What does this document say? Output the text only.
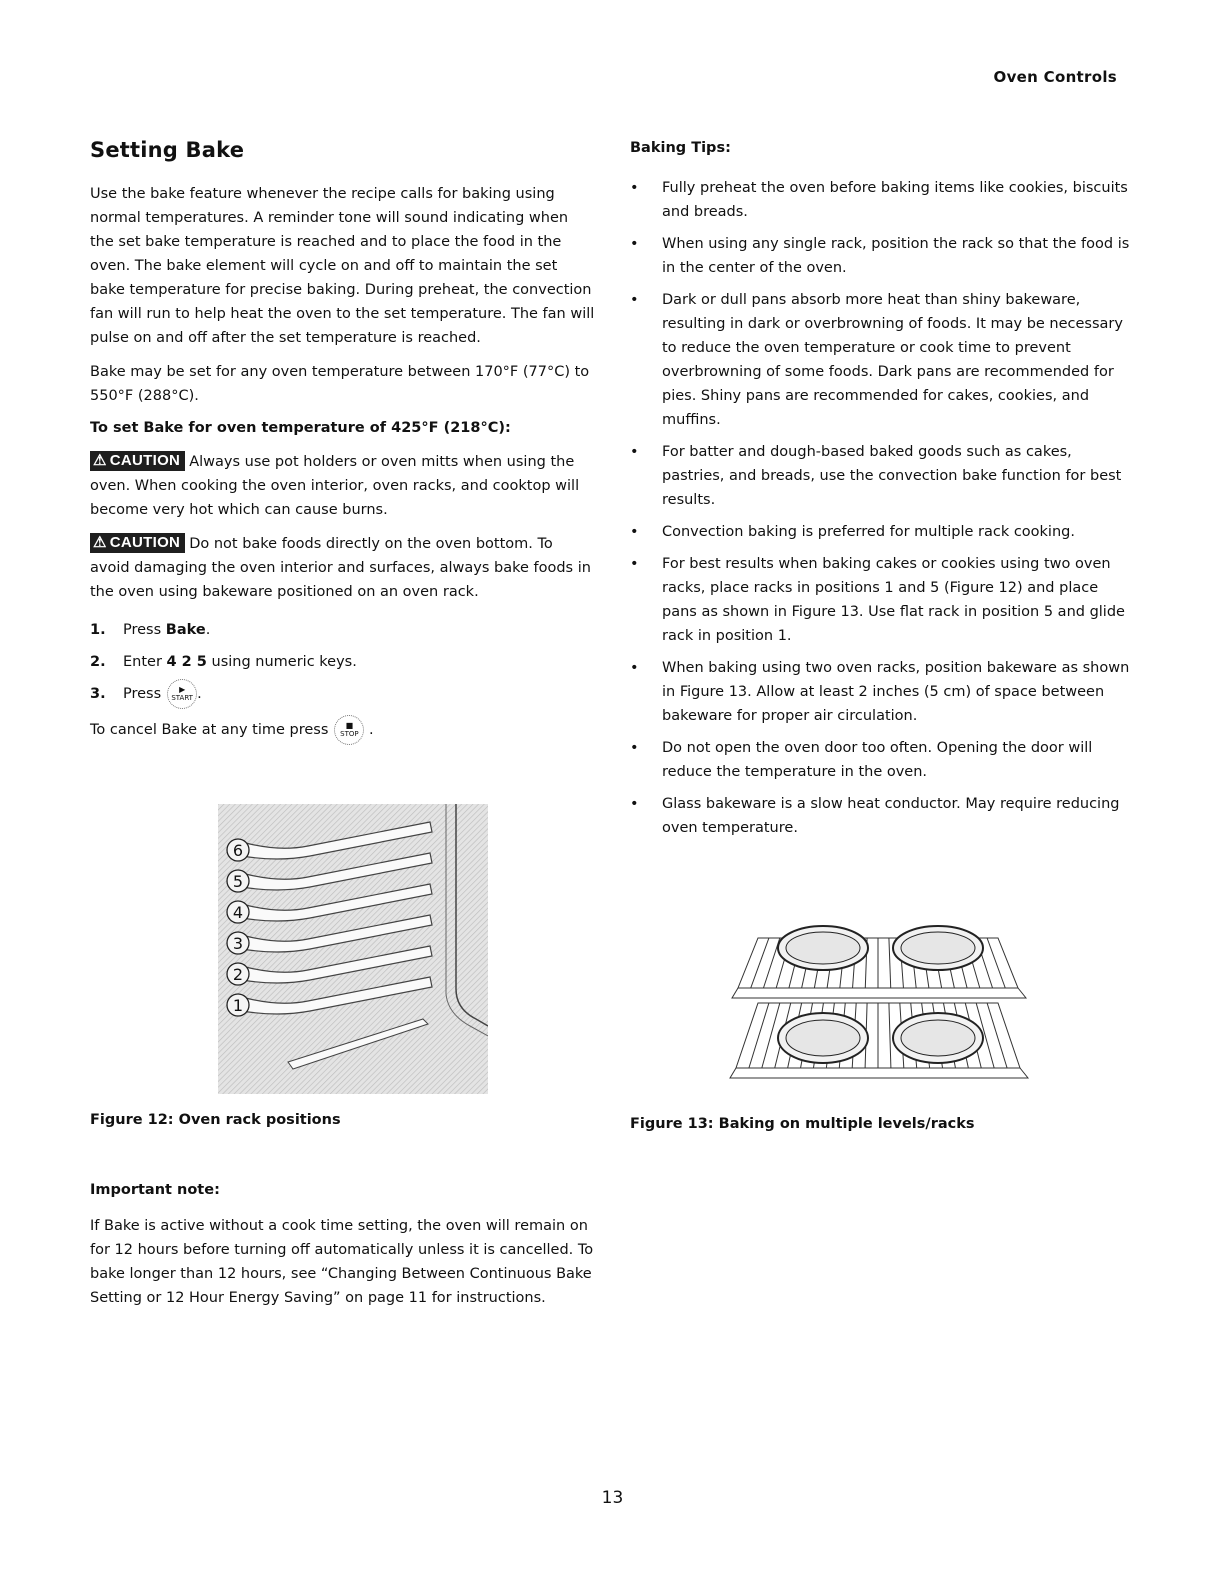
Oven Controls
Setting Bake

Use the bake feature whenever the recipe calls for baking using normal temperatures. A reminder tone will sound indicating when the set bake temperature is reached and to place the food in the oven. The bake element will cycle on and off to maintain the set bake temperature for precise baking. During preheat, the convection fan will run to help heat the oven to the set temperature. The fan will pulse on and off after the set temperature is reached.

Bake may be set for any oven temperature between 170°F (77°C) to 550°F (288°C).

To set Bake for oven temperature of 425°F (218°C):

⚠ CAUTION Always use pot holders or oven mitts when using the oven. When cooking the oven interior, oven racks, and cooktop will become very hot which can cause burns.

⚠ CAUTION Do not bake foods directly on the oven bottom. To avoid damaging the oven interior and surfaces, always bake foods in the oven using bakeware positioned on an oven rack.

1.	Press
Bake .
2.	Enter
4 2 5
using numeric keys.
3.	Press ▶
START .
To cancel Bake at any time press ■
STOP .
6
5
4
3
2
1
Figure 12: Oven rack positions
Important note:

If Bake is active without a cook time setting, the oven will remain on for 12 hours before turning off automatically unless it is cancelled. To bake longer than 12 hours, see “Changing Between Continuous Bake Setting or 12 Hour Energy Saving” on page 11 for instructions.

Baking Tips:
• Fully preheat the oven before baking items like cookies, biscuits and breads.
• When using any single rack, position the rack so that the food is in the center of the oven.
• Dark or dull pans absorb more heat than shiny bakeware, resulting in dark or overbrowning of foods. It may be necessary to reduce the oven temperature or cook time to prevent overbrowning of some foods. Dark pans are recommended for pies. Shiny pans are recommended for cakes, cookies, and muffins.
• For batter and dough-based baked goods such as cakes, pastries, and breads, use the convection bake function for best results.
• Convection baking is preferred for multiple rack cooking.
• For best results when baking cakes or cookies using two oven racks, place racks in positions 1 and 5 (Figure 12) and place pans as shown in Figure 13. Use flat rack in position 5 and glide rack in position 1.
• When baking using two oven racks, position bakeware as shown in Figure 13. Allow at least 2 inches (5 cm) of space between bakeware for proper air circulation.
• Do not open the oven door too often. Opening the door will reduce the temperature in the oven.
• Glass bakeware is a slow heat conductor. May require reducing oven temperature.
Figure 13: Baking on multiple levels/racks
13
